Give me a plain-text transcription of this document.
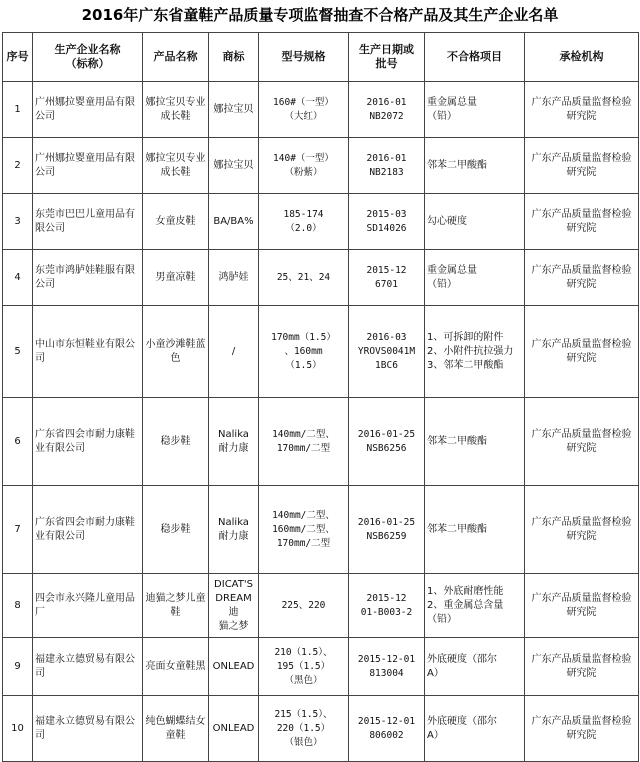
2016年广东省童鞋产品质量专项监督抽查不合格产品及其生产企业名单
序号	生产企业名称
（标称）	产品名称	商标	型号规格	生产日期或
批号	不合格项目	承检机构
1	广州娜拉婴童用品有限公司	娜拉宝贝专业成长鞋	娜拉宝贝	160#（一型）
（大红）	2016-01
NB2072	重金属总量
（铅）	广东产品质量监督检验研究院
2	广州娜拉婴童用品有限公司	娜拉宝贝专业成长鞋	娜拉宝贝	140#（一型）
（粉紫）	2016-01
NB2183	邻苯二甲酸酯	广东产品质量监督检验研究院
3	东莞市巴巴儿童用品有限公司	女童皮鞋	BA/BA%	185-174
（2.0）	2015-03
SD14026	勾心硬度	广东产品质量监督检验研究院
4	东莞市鸿胪娃鞋服有限公司	男童凉鞋	鸿胪娃	25、21、24	2015-12
6701	重金属总量
（铅）	广东产品质量监督检验研究院
5	中山市东恒鞋业有限公司	小童沙滩鞋蓝色	/	170mm（1.5）
、160mm
（1.5）	2016-03
YROVS0041M
1BC6	1、可拆卸的附件
2、小附件抗拉强力
3、邻苯二甲酸酯	广东产品质量监督检验研究院
6	广东省四会市耐力康鞋业有限公司	稳步鞋	Nalika
耐力康	140mm/二型、
170mm/二型	2016-01-25
NSB6256	邻苯二甲酸酯	广东产品质量监督检验研究院
7	广东省四会市耐力康鞋业有限公司	稳步鞋	Nalika
耐力康	140mm/二型、
160mm/二型、
170mm/二型	2016-01-25
NSB6259	邻苯二甲酸酯	广东产品质量监督检验研究院
8	四会市永兴隆儿童用品厂	迪猫之梦儿童鞋	DICAT'S
DREAM迪
猫之梦	225、220	2015-12
01-B003-2	1、外底耐磨性能
2、重金属总含量
（铅）	广东产品质量监督检验研究院
9	福建永立德贸易有限公司	亮面女童鞋黑	ONLEAD	210（1.5）、
195（1.5）
（黑色）	2015-12-01
813004	外底硬度（邵尔
A）	广东产品质量监督检验研究院
10	福建永立德贸易有限公司	纯色蝴蝶结女童鞋	ONLEAD	215（1.5）、
220（1.5）
（银色）	2015-12-01
806002	外底硬度（邵尔
A）	广东产品质量监督检验研究院
